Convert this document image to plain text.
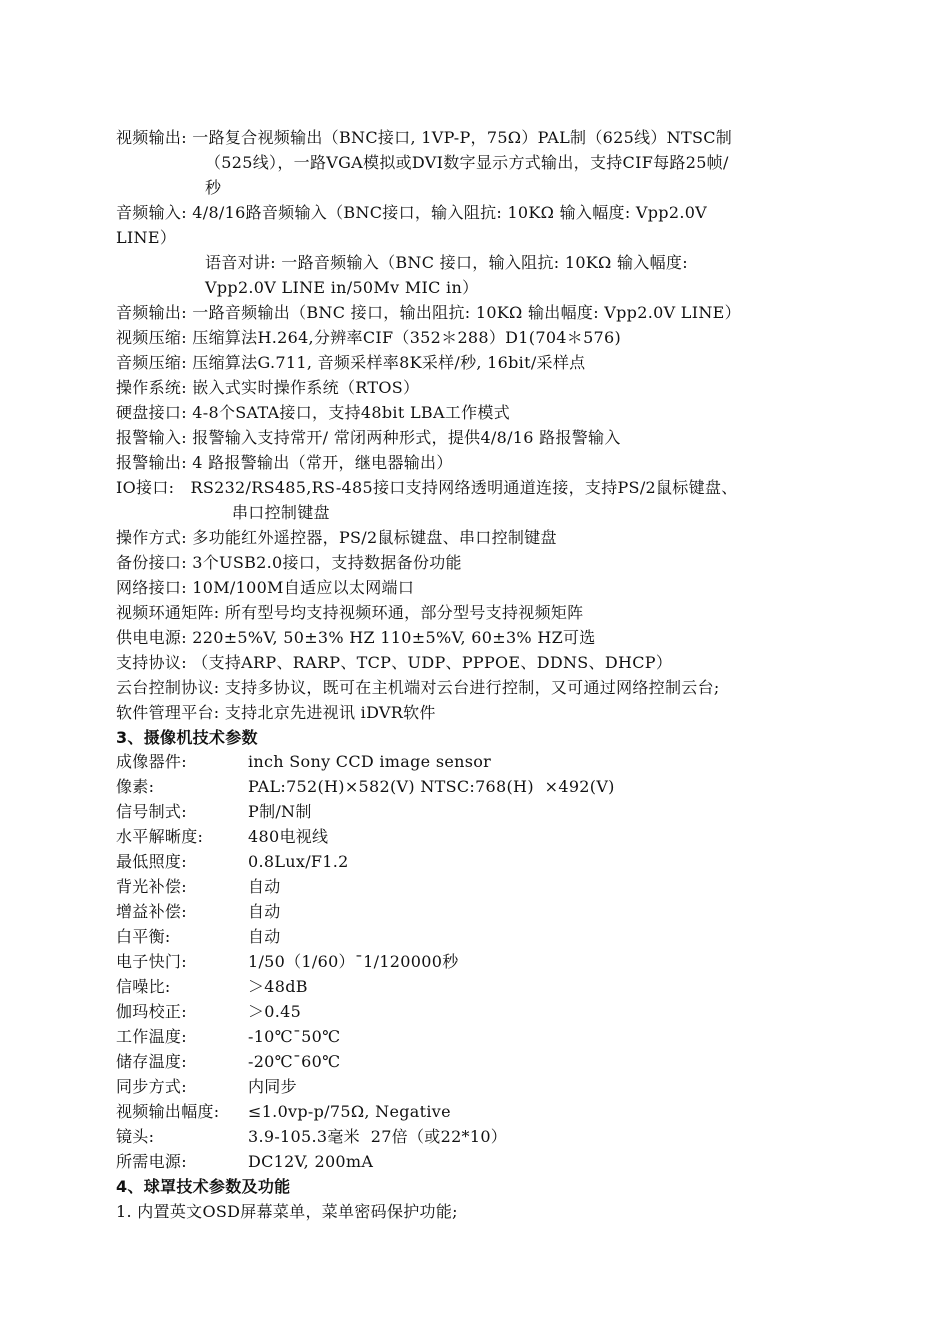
视频输出: 一路复合视频输出（BNC接口, 1VP-P，75Ω）PAL制（625线）NTSC制
（525线），一路VGA模拟或DVI数字显示方式输出，支持CIF每路25帧/
秒
音频输入: 4/8/16路音频输入（BNC接口，输入阻抗: 10KΩ 输入幅度: Vpp2.0V
LINE）
语音对讲: 一路音频输入（BNC 接口，输入阻抗: 10KΩ 输入幅度:
Vpp2.0V LINE in/50Mv MIC in）
音频输出: 一路音频输出（BNC 接口，输出阻抗: 10KΩ 输出幅度: Vpp2.0V LINE）
视频压缩: 压缩算法H.264,分辨率CIF（352＊288）D1(704＊576)
音频压缩: 压缩算法G.711, 音频采样率8K采样/秒, 16bit/采样点
操作系统: 嵌入式实时操作系统（RTOS）
硬盘接口: 4-8个SATA接口，支持48bit LBA工作模式
报警输入: 报警输入支持常开/ 常闭两种形式，提供4/8/16 路报警输入
报警输出: 4 路报警输出（常开，继电器输出）
IO接口:   RS232/RS485,RS-485接口支持网络透明通道连接，支持PS/2鼠标键盘、
串口控制键盘
操作方式: 多功能红外遥控器，PS/2鼠标键盘、串口控制键盘
备份接口: 3个USB2.0接口，支持数据备份功能
网络接口: 10M/100M自适应以太网端口
视频环通矩阵: 所有型号均支持视频环通，部分型号支持视频矩阵
供电电源: 220±5%V, 50±3% HZ 110±5%V, 60±3% HZ可选
支持协议: （支持ARP、RARP、TCP、UDP、PPPOE、DDNS、DHCP）
云台控制协议: 支持多协议，既可在主机端对云台进行控制，又可通过网络控制云台;
软件管理平台: 支持北京先进视讯 iDVR软件
3、摄像机技术参数
成像器件:	inch Sony CCD image sensor
像素:	PAL:752(H)×582(V) NTSC:768(H)  ×492(V)
信号制式:	P制/N制
水平解晰度:	480电视线
最低照度:	0.8Lux/F1.2
背光补偿:	自动
增益补偿:	自动
白平衡:	自动
电子快门:	1/50（1/60）¯1/120000秒
信噪比:	＞48dB
伽玛校正:	＞0.45
工作温度:	-10℃¯50℃
储存温度:	-20℃¯60℃
同步方式:	内同步
视频输出幅度: ≤1.0vp-p/75Ω, Negative
镜头:	3.9-105.3毫米  27倍（或22*10）
所需电源:	DC12V, 200mA
4、球罩技术参数及功能
1. 内置英文OSD屏幕菜单，菜单密码保护功能;
